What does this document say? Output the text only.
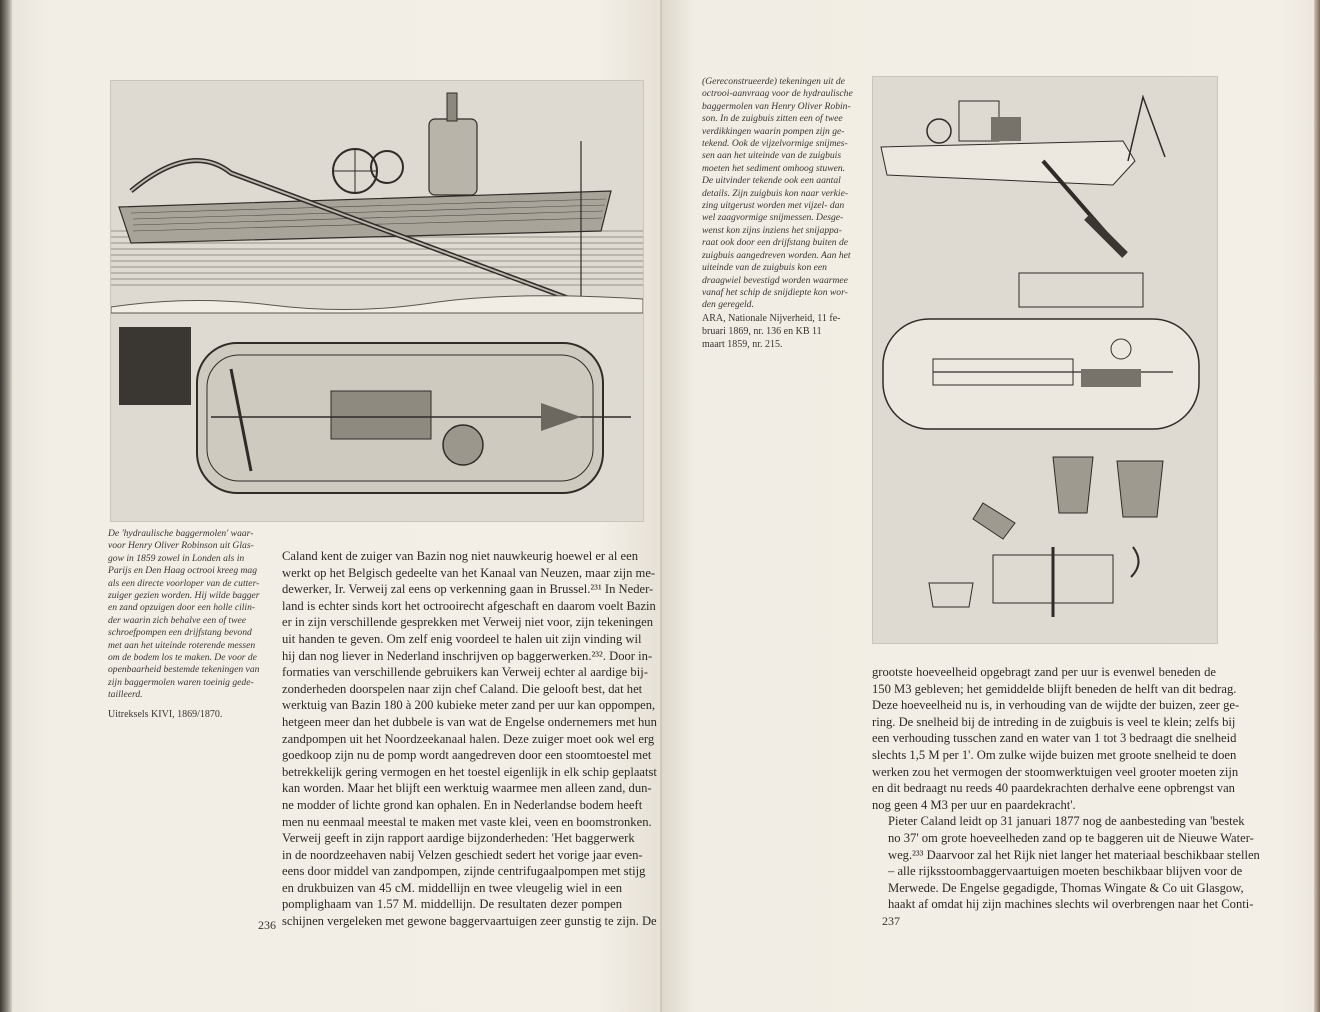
De 'hydraulische baggermolen' waar-
voor Henry Oliver Robinson uit Glas-
gow in 1859 zowel in Londen als in
Parijs en Den Haag octrooi kreeg mag
als een directe voorloper van de cutter-
zuiger gezien worden. Hij wilde bagger
en zand opzuigen door een holle cilin-
der waarin zich behalve een of twee
schroefpompen een drijfstang bevond
met aan het uiteinde roterende messen
om de bodem los te maken. De voor de
openbaarheid bestemde tekeningen van
zijn baggermolen waren toeinig gede-
tailleerd.
Uitreksels KIVI, 1869/1870.

Caland kent de zuiger van Bazin nog niet nauwkeurig hoewel er al een
werkt op het Belgisch gedeelte van het Kanaal van Neuzen, maar zijn me-
dewerker, Ir. Verweij zal eens op verkenning gaan in Brussel.²³¹ In Neder-
land is echter sinds kort het octrooirecht afgeschaft en daarom voelt Bazin
er in zijn verschillende gesprekken met Verweij niet voor, zijn tekeningen
uit handen te geven. Om zelf enig voordeel te halen uit zijn vinding wil
hij dan nog liever in Nederland inschrijven op baggerwerken.²³². Door in-
formaties van verschillende gebruikers kan Verweij echter al aardige bij-
zonderheden doorspelen naar zijn chef Caland. Die gelooft best, dat het
werktuig van Bazin 180 à 200 kubieke meter zand per uur kan oppompen,
hetgeen meer dan het dubbele is van wat de Engelse ondernemers met hun
zandpompen uit het Noordzeekanaal halen. Deze zuiger moet ook wel erg
goedkoop zijn nu de pomp wordt aangedreven door een stoomtoestel met
betrekkelijk gering vermogen en het toestel eigenlijk in elk schip geplaatst
kan worden. Maar het blijft een werktuig waarmee men alleen zand, dun-
ne modder of lichte grond kan ophalen. En in Nederlandse bodem heeft
men nu eenmaal meestal te maken met vaste klei, veen en boomstronken.

Verweij geeft in zijn rapport aardige bijzonderheden: 'Het baggerwerk
in de noordzeehaven nabij Velzen geschiedt sedert het vorige jaar even-
eens door middel van zandpompen, zijnde centrifugaalpompen met stijg
en drukbuizen van 45 cM. middellijn en twee vleugelig wiel in een
pomplighaam van 1.57 M. middellijn. De resultaten dezer pompen
schijnen vergeleken met gewone baggervaartuigen zeer gunstig te zijn. De

236
(Gereconstrueerde) tekeningen uit de
octrooi-aanvraag voor de hydraulische
baggermolen van Henry Oliver Robin-
son. In de zuigbuis zitten een of twee
verdikkingen waarin pompen zijn ge-
tekend. Ook de vijzelvormige snijmes-
sen aan het uiteinde van de zuigbuis
moeten het sediment omhoog stuwen.
De uitvinder tekende ook een aantal
details. Zijn zuigbuis kon naar verkie-
zing uitgerust worden met vijzel- dan
wel zaagvormige snijmessen. Desge-
wenst kon zijns inziens het snijappa-
raat ook door een drijfstang buiten de
zuigbuis aangedreven worden. Aan het
uiteinde van de zuigbuis kon een
draagwiel bevestigd worden waarmee
vanaf het schip de snijdiepte kon wor-
den geregeld.
ARA, Nationale Nijverheid, 11 fe-
bruari 1869, nr. 136 en KB 11
maart 1859, nr. 215.

grootste hoeveelheid opgebragt zand per uur is evenwel beneden de
150 M3 gebleven; het gemiddelde blijft beneden de helft van dit bedrag.
Deze hoeveelheid nu is, in verhouding van de wijdte der buizen, zeer ge-
ring. De snelheid bij de intreding in de zuigbuis is veel te klein; zelfs bij
een verhouding tusschen zand en water van 1 tot 3 bedraagt die snelheid
slechts 1,5 M per 1'. Om zulke wijde buizen met groote snelheid te doen
werken zou het vermogen der stoomwerktuigen veel grooter moeten zijn
en dit bedraagt nu reeds 40 paardekrachten derhalve eene opbrengst van
nog geen 4 M3 per uur en paardekracht'.

Pieter Caland leidt op 31 januari 1877 nog de aanbesteding van 'bestek
no 37' om grote hoeveelheden zand op te baggeren uit de Nieuwe Water-
weg.²³³ Daarvoor zal het Rijk niet langer het materiaal beschikbaar stellen
– alle rijksstoombaggervaartuigen moeten beschikbaar blijven voor de
Merwede. De Engelse gegadigde, Thomas Wingate & Co uit Glasgow,
haakt af omdat hij zijn machines slechts wil overbrengen naar het Conti-

237
